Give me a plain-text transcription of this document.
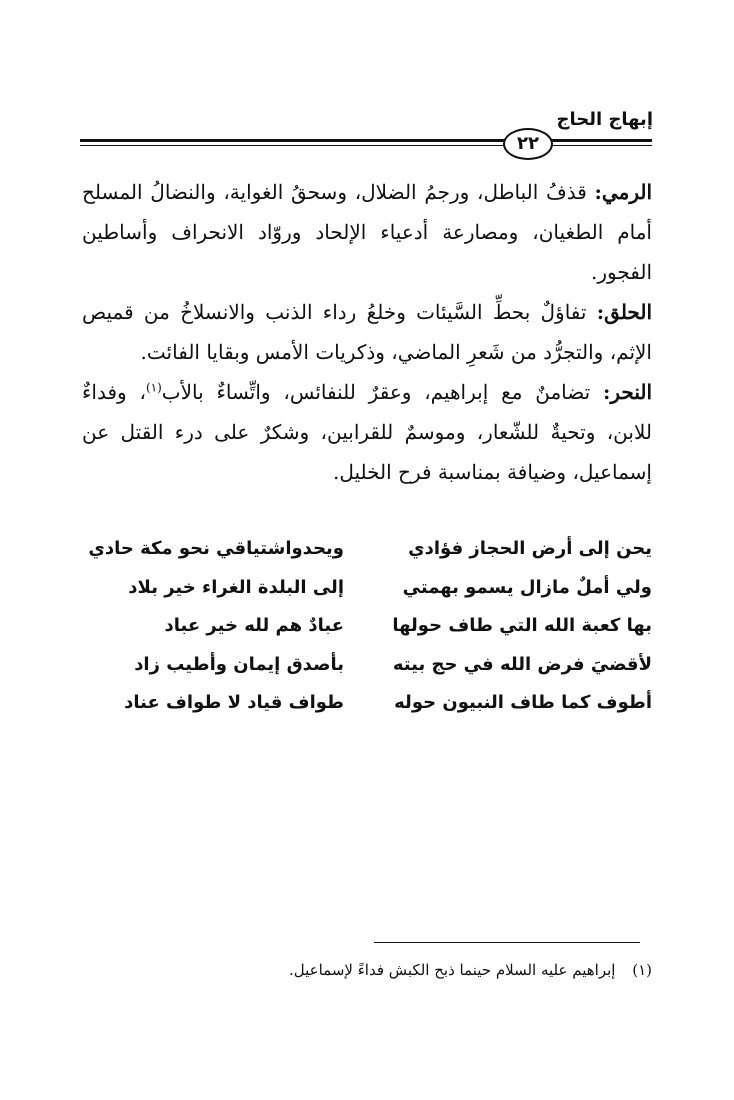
إبهاج الحاج
٢٢

الرمي: قذفُ الباطل، ورجمُ الضلال، وسحقُ الغواية، والنضالُ المسلح أمام الطغيان، ومصارعة أدعياء الإلحاد وروّاد الانحراف وأساطين الفجور.

الحلق: تفاؤلٌ بحطِّ السَّيئات وخلعُ رداء الذنب والانسلاخُ من قميص الإثم، والتجرُّد من شَعرِ الماضي، وذكريات الأمس وبقايا الفائت.

النحر: تضامنٌ مع إبراهيم، وعقرٌ للنفائس، واتِّساءٌ بالأب$^{(١)}$، وفداءٌ للابن، وتحيةٌ للشّعار، وموسمٌ للقرابين، وشكرٌ على درء القتل عن إسماعيل، وضيافة بمناسبة فرح الخليل.

يحن إلى أرض الحجاز فؤادي
ويحدواشتياقي نحو مكة حادي
ولي أملٌ مازال يسمو بهمتي
إلى البلدة الغراء خير بلاد
بها كعبة الله التي طاف حولها
عبادٌ هم لله خير عباد
لأقضيَ فرض الله في حج بيته
بأصدق إيمان وأطيب زاد
أطوف كما طاف النبيون حوله
طواف قياد لا طواف عناد
(١) إبراهيم عليه السلام حينما ذبح الكبش فداءً لإسماعيل.
